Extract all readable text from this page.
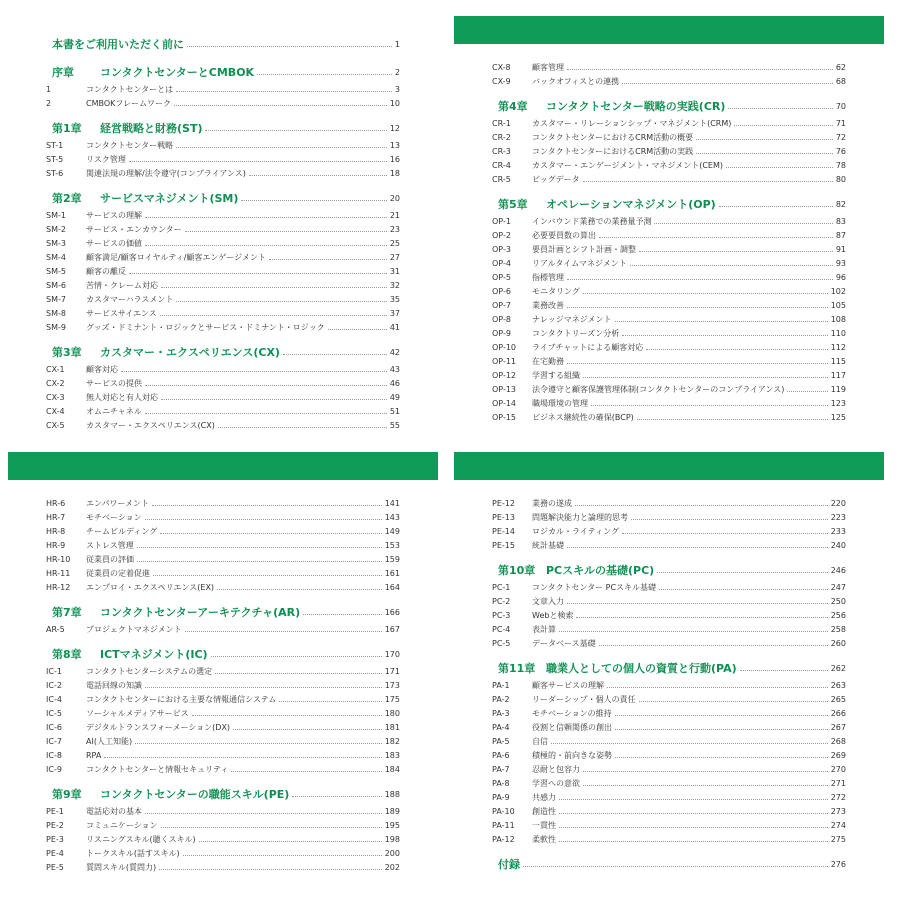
本書をご利用いただく前に	1
序章	コンタクトセンターとCMBOK	2
1	コンタクトセンターとは	3
2	CMBOKフレームワーク	10
第1章	経営戦略と財務(ST)	12
ST-1	コンタクトセンター戦略	13
ST-5	リスク管理	16
ST-6	関連法規の理解/法令遵守(コンプライアンス)	18
第2章	サービスマネジメント(SM)	20
SM-1	サービスの理解	21
SM-2	サービス・エンカウンター	23
SM-3	サービスの価値	25
SM-4	顧客満足/顧客ロイヤルティ/顧客エンゲージメント	27
SM-5	顧客の離反	31
SM-6	苦情・クレーム対応	32
SM-7	カスタマーハラスメント	35
SM-8	サービスサイエンス	37
SM-9	グッズ・ドミナント・ロジックとサービス・ドミナント・ロジック	41
第3章	カスタマー・エクスペリエンス(CX)	42
CX-1	顧客対応	43
CX-2	サービスの提供	46
CX-3	無人対応と有人対応	49
CX-4	オムニチャネル	51
CX-5	カスタマー・エクスペリエンス(CX)	55
CX-8	顧客管理	62
CX-9	バックオフィスとの連携	68
第4章	コンタクトセンター戦略の実践(CR)	70
CR-1	カスタマー・リレーションシップ・マネジメント(CRM)	71
CR-2	コンタクトセンターにおけるCRM活動の概要	72
CR-3	コンタクトセンターにおけるCRM活動の実践	76
CR-4	カスタマー・エンゲージメント・マネジメント(CEM)	78
CR-5	ビッグデータ	80
第5章	オペレーションマネジメント(OP)	82
OP-1	インバウンド業務での業務量予測	83
OP-2	必要要員数の算出	87
OP-3	要員計画とシフト計画・調整	91
OP-4	リアルタイムマネジメント	93
OP-5	指標管理	96
OP-6	モニタリング	102
OP-7	業務改善	105
OP-8	ナレッジマネジメント	108
OP-9	コンタクトリーズン分析	110
OP-10	ライブチャットによる顧客対応	112
OP-11	在宅勤務	115
OP-12	学習する組織	117
OP-13	法令遵守と顧客保護管理体制(コンタクトセンターのコンプライアンス)	119
OP-14	職場環境の管理	123
OP-15	ビジネス継続性の確保(BCP)	125
HR-6	エンパワーメント	141
HR-7	モチベーション	143
HR-8	チームビルディング	149
HR-9	ストレス管理	153
HR-10	従業員の評価	159
HR-11	従業員の定着促進	161
HR-12	エンプロイ・エクスペリエンス(EX)	164
第7章	コンタクトセンターアーキテクチャ(AR)	166
AR-5	プロジェクトマネジメント	167
第8章	ICTマネジメント(IC)	170
IC-1	コンタクトセンターシステムの選定	171
IC-2	電話回線の知識	173
IC-4	コンタクトセンターにおける主要な情報通信システム	175
IC-5	ソーシャルメディアサービス	180
IC-6	デジタルトランスフォーメーション(DX)	181
IC-7	AI(人工知能)	182
IC-8	RPA	183
IC-9	コンタクトセンターと情報セキュリティ	184
第9章	コンタクトセンターの職能スキル(PE)	188
PE-1	電話応対の基本	189
PE-2	コミュニケーション	195
PE-3	リスニングスキル(聴くスキル)	198
PE-4	トークスキル(話すスキル)	200
PE-5	質問スキル(質問力)	202
PE-12	業務の遂成	220
PE-13	問題解決能力と論理的思考	223
PE-14	ロジカル・ライティング	233
PE-15	統計基礎	240
第10章 PCスキルの基礎(PC)	246
PC-1	コンタクトセンター PCスキル基礎	247
PC-2	文章入力	250
PC-3	Webと検索	256
PC-4	表計算	258
PC-5	データベース基礎	260
第11章 職業人としての個人の資質と行動(PA)	262
PA-1	顧客サービスの理解	263
PA-2	リーダーシップ・個人の責任	265
PA-3	モチベーションの維持	266
PA-4	役割と信頼関係の創出	267
PA-5	自信	268
PA-6	積極的・前向きな姿勢	269
PA-7	忍耐と包容力	270
PA-8	学習への意欲	271
PA-9	共感力	272
PA-10	創造性	273
PA-11	一貫性	274
PA-12	柔軟性	275
付録	276
